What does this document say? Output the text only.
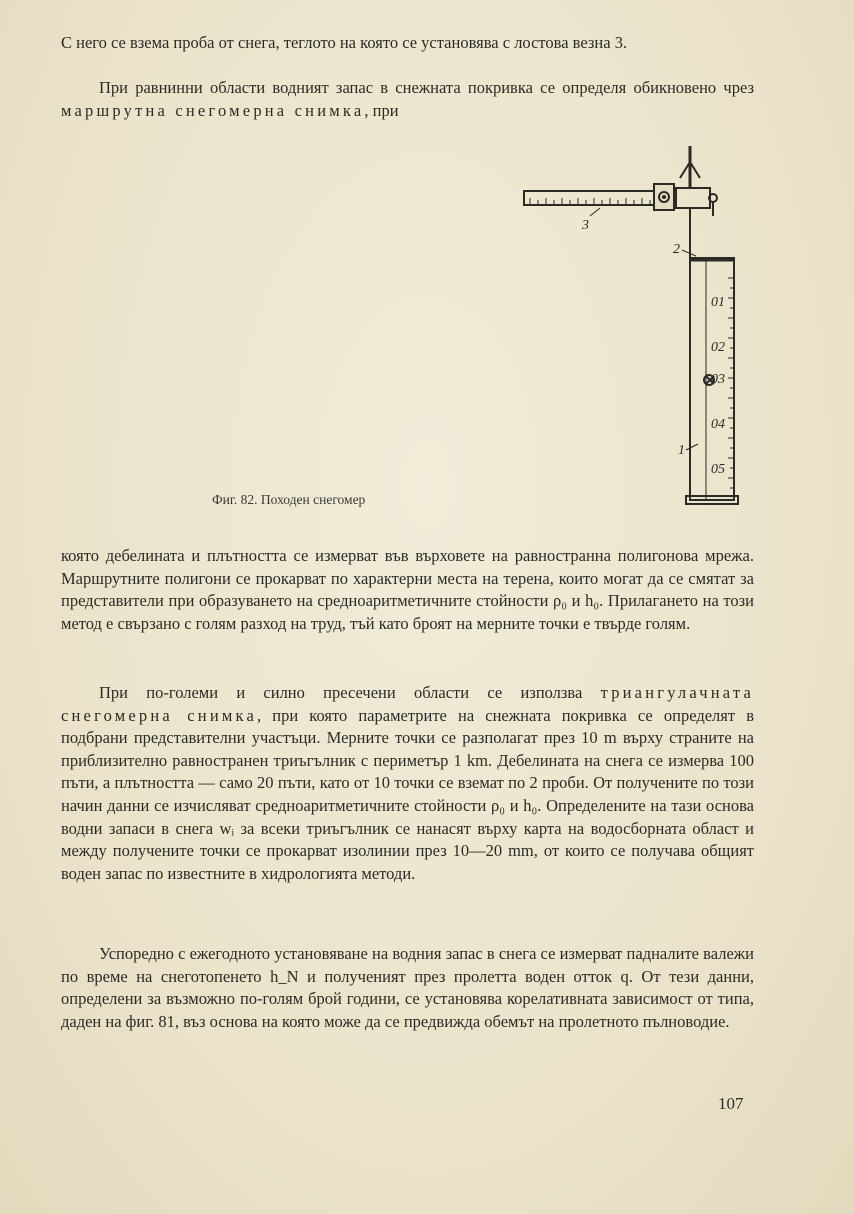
С него се взема проба от снега, теглото на която се установява с лостова везна 3.

При равнинни области водният запас в снежната покривка се определя обикновено чрез маршрутна снегомерна снимка, при

01
02
03
04
05
3
2
1
Фиг. 82. Походен снегомер

която дебелината и плътността се измерват във върховете на равностранна полигонова мрежа. Маршрутните полигони се прокарват по характерни места на терена, които могат да се смятат за представители при образуването на средноаритметичните стойности ρ₀ и h₀. Прилагането на този метод е свързано с голям разход на труд, тъй като броят на мерните точки е твърде голям.

При по-големи и силно пресечени области се използва триангулачната снегомерна снимка, при която параметрите на снежната покривка се определят в подбрани представителни участъци. Мерните точки се разполагат през 10 m върху страните на приблизително равностранен триъгълник с периметър 1 km. Дебелината на снега се измерва 100 пъти, а плътността — само 20 пъти, като от 10 точки се вземат по 2 проби. От получените по този начин данни се изчисляват средноаритметичните стойности ρ₀ и h₀. Определените на тази основа водни запаси в снега wᵢ за всеки триъгълник се нанасят върху карта на водосборната област и между получените точки се прокарват изолинии през 10—20 mm, от които се получава общият воден запас по известните в хидрологията методи.

Успоредно с ежегодното установяване на водния запас в снега се измерват падналите валежи по време на снеготопенето h_N и полученият през пролетта воден отток q. От тези данни, определени за възможно по-голям брой години, се установява корелативната зависимост от типа, даден на фиг. 81, въз основа на която може да се предвижда обемът на пролетното пълноводие.

107
